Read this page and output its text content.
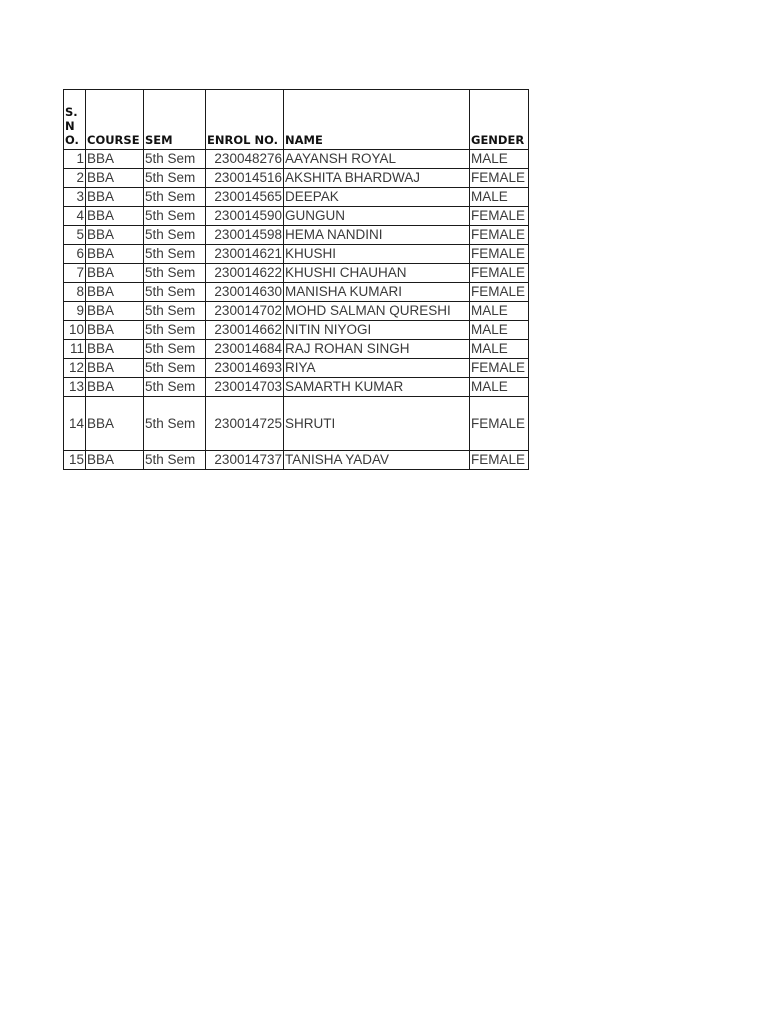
S.NO.	COURSE	SEM	ENROL NO.	NAME	GENDER
1	BBA	5th Sem	230048276	AAYANSH ROYAL	MALE
2	BBA	5th Sem	230014516	AKSHITA BHARDWAJ	FEMALE
3	BBA	5th Sem	230014565	DEEPAK	MALE
4	BBA	5th Sem	230014590	GUNGUN	FEMALE
5	BBA	5th Sem	230014598	HEMA NANDINI	FEMALE
6	BBA	5th Sem	230014621	KHUSHI	FEMALE
7	BBA	5th Sem	230014622	KHUSHI CHAUHAN	FEMALE
8	BBA	5th Sem	230014630	MANISHA KUMARI	FEMALE
9	BBA	5th Sem	230014702	MOHD SALMAN QURESHI	MALE
10	BBA	5th Sem	230014662	NITIN NIYOGI	MALE
11	BBA	5th Sem	230014684	RAJ ROHAN SINGH	MALE
12	BBA	5th Sem	230014693	RIYA	FEMALE
13	BBA	5th Sem	230014703	SAMARTH KUMAR	MALE
14	BBA	5th Sem	230014725	SHRUTI	FEMALE
15	BBA	5th Sem	230014737	TANISHA YADAV	FEMALE
